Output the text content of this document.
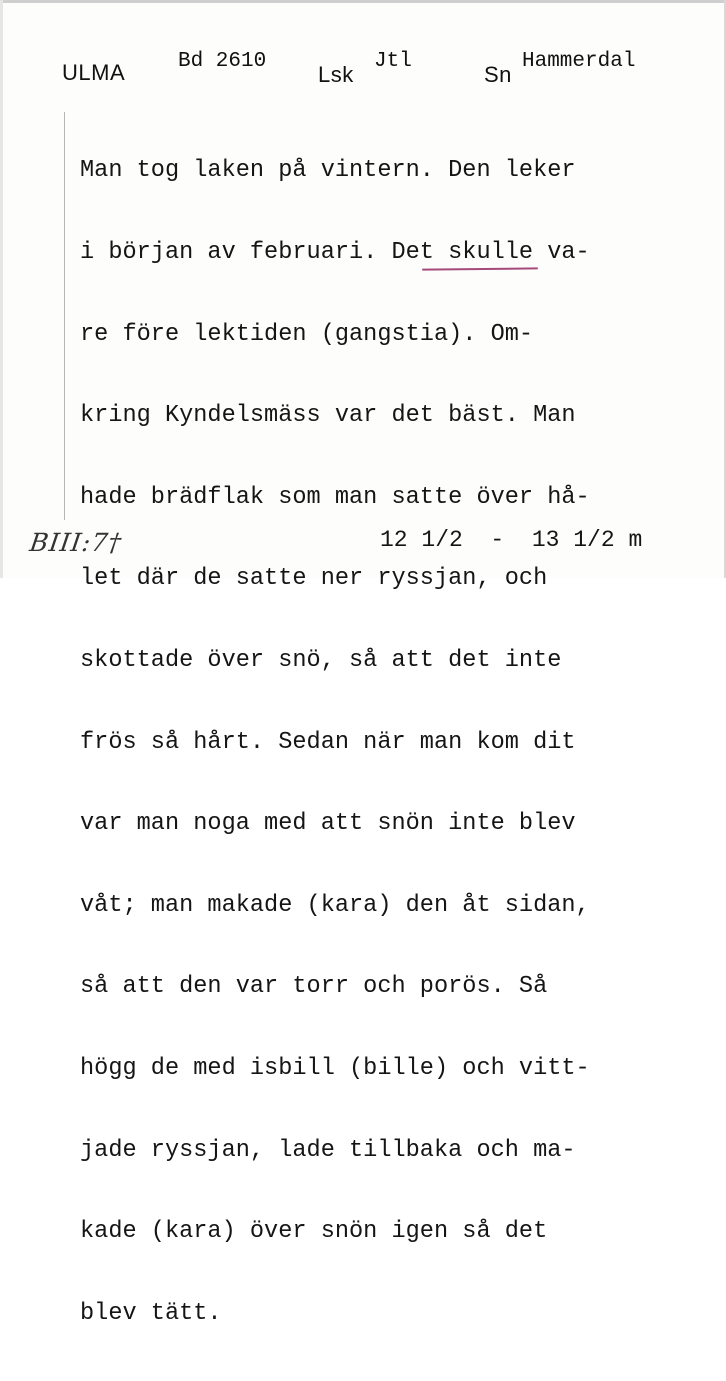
ULMA	Bd 2610
Lsk
Jtl
Sn
Hammerdal

Man tog laken på vintern. Den leker

i början av februari. Det skulle va-

re före lektiden (gangstia). Om-

kring Kyndelsmäss var det bäst. Man

hade brädflak som man satte över hå-

let där de satte ner ryssjan, och

skottade över snö, så att det inte

frös så hårt. Sedan när man kom dit

var man noga med att snön inte blev

våt; man makade (kara) den åt sidan,

så att den var torr och porös. Så

högg de med isbill (bille) och vitt-

jade ryssjan, lade tillbaka och ma-

kade (kara) över snön igen så det

blev tätt.

BIII:7†	12 1/2  -  13 1/2 m
